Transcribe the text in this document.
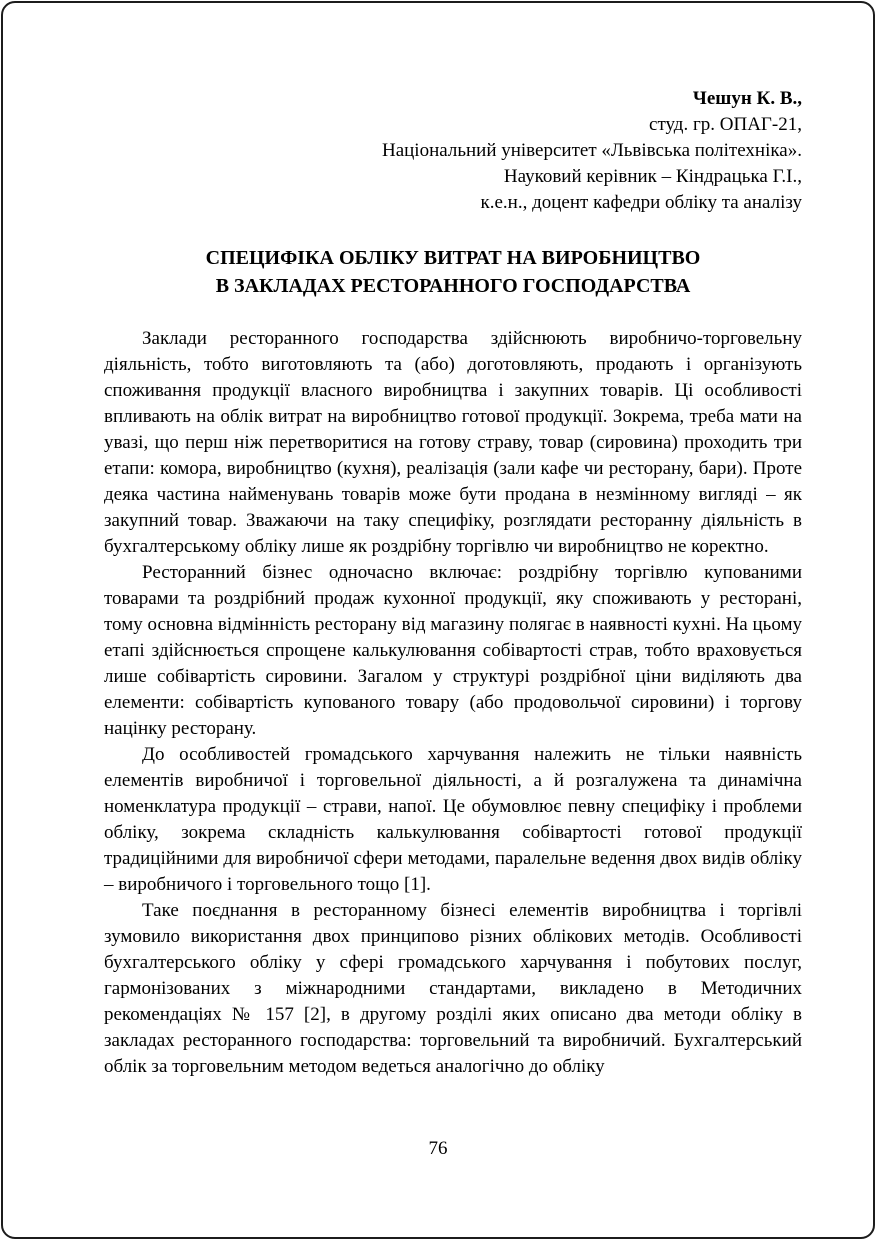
Чешун К. В.,
студ. гр. ОПАГ-21,
Національний університет «Львівська політехніка».
Науковий керівник – Кіндрацька Г.І.,
к.е.н., доцент кафедри обліку та аналізу
СПЕЦИФІКА ОБЛІКУ ВИТРАТ НА ВИРОБНИЦТВО
В ЗАКЛАДАХ РЕСТОРАННОГО ГОСПОДАРСТВА

Заклади ресторанного господарства здійснюють виробничо-торговельну діяльність, тобто виготовляють та (або) доготовляють, продають і організують споживання продукції власного виробництва і закупних товарів. Ці особливості впливають на облік витрат на виробництво готової продукції. Зокрема, треба мати на увазі, що перш ніж перетворитися на готову страву, товар (сировина) проходить три етапи: комора, виробництво (кухня), реалізація (зали кафе чи ресторану, бари). Проте деяка частина найменувань товарів може бути продана в незмінному вигляді – як закупний товар. Зважаючи на таку специфіку, розглядати ресторанну діяльність в бухгалтерському обліку лише як роздрібну торгівлю чи виробництво не коректно.

Ресторанний бізнес одночасно включає: роздрібну торгівлю купованими товарами та роздрібний продаж кухонної продукції, яку споживають у ресторані, тому основна відмінність ресторану від магазину полягає в наявності кухні. На цьому етапі здійснюється спрощене калькулювання собівартості страв, тобто враховується лише собівартість сировини. Загалом у структурі роздрібної ціни виділяють два елементи: собівартість купованого товару (або продовольчої сировини) і торгову націнку ресторану.

До особливостей громадського харчування належить не тільки наявність елементів виробничої і торговельної діяльності, а й розгалужена та динамічна номенклатура продукції – страви, напої. Це обумовлює певну специфіку і проблеми обліку, зокрема складність калькулювання собівартості готової продукції традиційними для виробничої сфери методами, паралельне ведення двох видів обліку – виробничого і торговельного тощо [1].

Таке поєднання в ресторанному бізнесі елементів виробництва і торгівлі зумовило використання двох принципово різних облікових методів. Особливості бухгалтерського обліку у сфері громадського харчування і побутових послуг, гармонізованих з міжнародними стандартами, викладено в Методичних рекомендаціях № 157 [2], в другому розділі яких описано два методи обліку в закладах ресторанного господарства: торговельний та виробничий. Бухгалтерський облік за торговельним методом ведеться аналогічно до обліку

76
